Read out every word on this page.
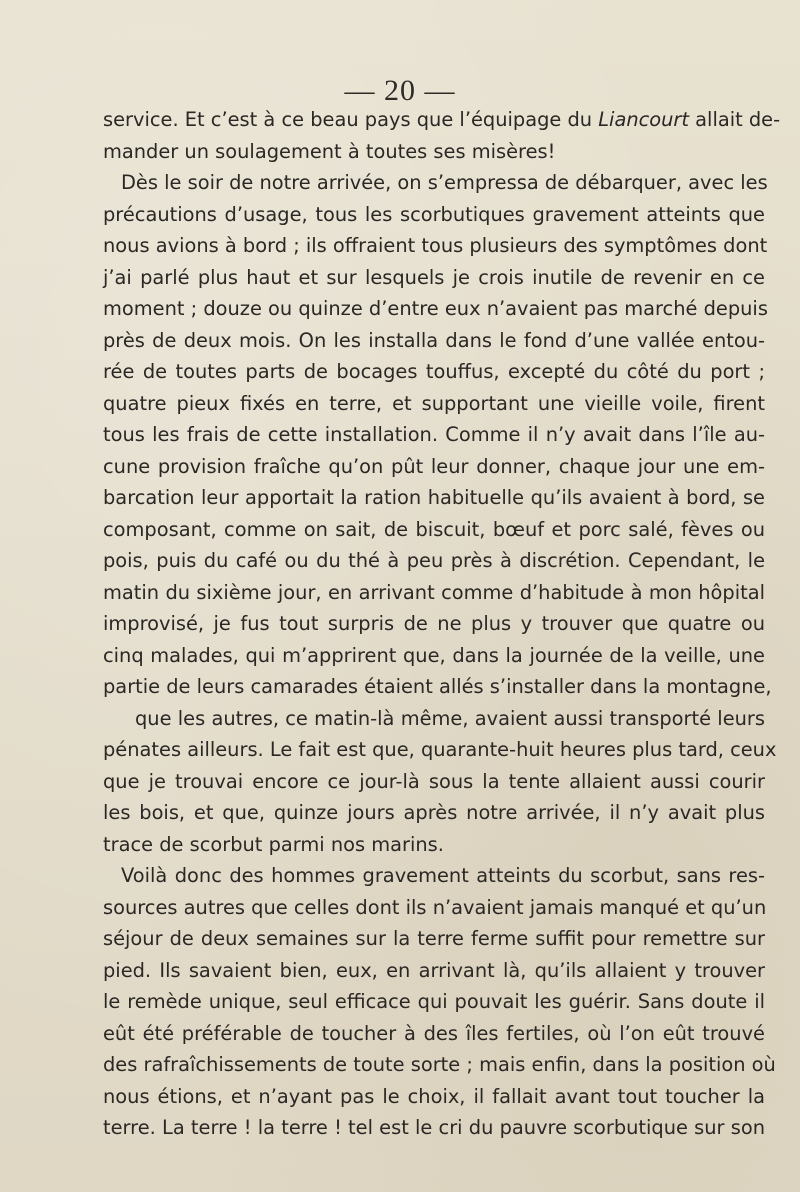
— 20 —
service. Et c’est à ce beau pays que l’équipage du Liancourt allait de-
mander un soulagement à toutes ses misères!
Dès le soir de notre arrivée, on s’empressa de débarquer, avec les
précautions d’usage, tous les scorbutiques gravement atteints que
nous avions à bord ; ils offraient tous plusieurs des symptômes dont
j’ai parlé plus haut et sur lesquels je crois inutile de revenir en ce
moment ; douze ou quinze d’entre eux n’avaient pas marché depuis
près de deux mois. On les installa dans le fond d’une vallée entou-
rée de toutes parts de bocages touffus, excepté du côté du port ;
quatre pieux fixés en terre, et supportant une vieille voile, firent
tous les frais de cette installation. Comme il n’y avait dans l’île au-
cune provision fraîche qu’on pût leur donner, chaque jour une em-
barcation leur apportait la ration habituelle qu’ils avaient à bord, se
composant, comme on sait, de biscuit, bœuf et porc salé, fèves ou
pois, puis du café ou du thé à peu près à discrétion. Cependant, le
matin du sixième jour, en arrivant comme d’habitude à mon hôpital
improvisé, je fus tout surpris de ne plus y trouver que quatre ou
cinq malades, qui m’apprirent que, dans la journée de la veille, une
partie de leurs camarades étaient allés s’installer dans la montagne,
que les autres, ce matin-là même, avaient aussi transporté leurs
pénates ailleurs. Le fait est que, quarante-huit heures plus tard, ceux
que je trouvai encore ce jour-là sous la tente allaient aussi courir
les bois, et que, quinze jours après notre arrivée, il n’y avait plus
trace de scorbut parmi nos marins.
Voilà donc des hommes gravement atteints du scorbut, sans res-
sources autres que celles dont ils n’avaient jamais manqué et qu’un
séjour de deux semaines sur la terre ferme suffit pour remettre sur
pied. Ils savaient bien, eux, en arrivant là, qu’ils allaient y trouver
le remède unique, seul efficace qui pouvait les guérir. Sans doute il
eût été préférable de toucher à des îles fertiles, où l’on eût trouvé
des rafraîchissements de toute sorte ; mais enfin, dans la position où
nous étions, et n’ayant pas le choix, il fallait avant tout toucher la
terre. La terre ! la terre ! tel est le cri du pauvre scorbutique sur son
